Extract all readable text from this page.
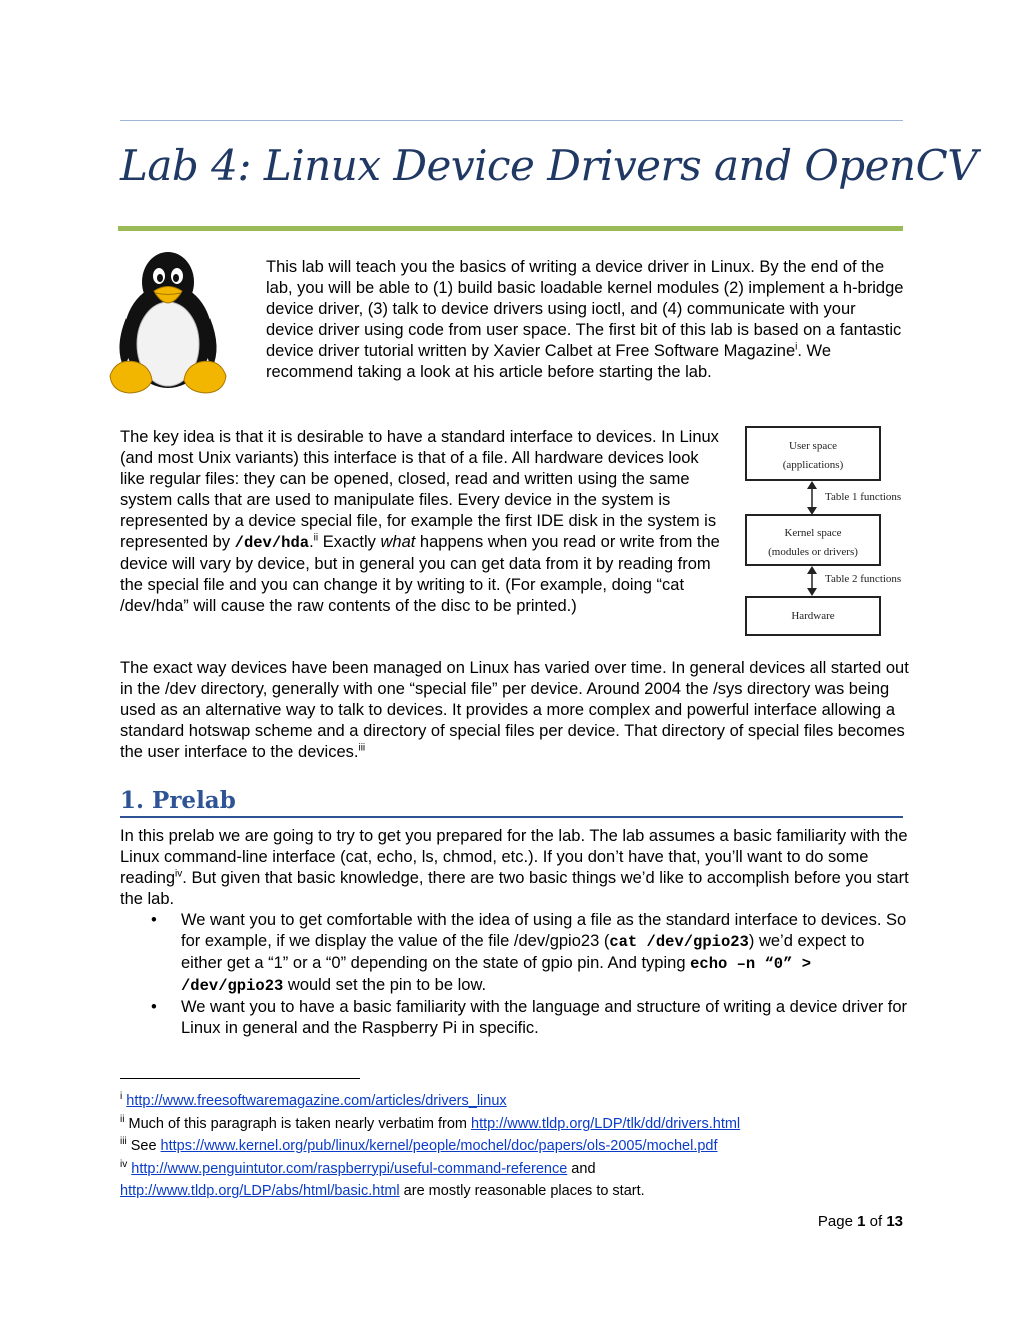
Lab 4: Linux Device Drivers and OpenCV

This lab will teach you the basics of writing a device driver in Linux. By the end of the lab, you will be able to (1) build basic loadable kernel modules (2) implement a h-bridge device driver, (3) talk to device drivers using ioctl, and (4) communicate with your device driver using code from user space. The first bit of this lab is based on a fantastic device driver tutorial written by Xavier Calbet at Free Software Magazine$^i$. We recommend taking a look at his article before starting the lab.

The key idea is that it is desirable to have a standard interface to devices. In Linux (and most Unix variants) this interface is that of a file. All hardware devices look like regular files: they can be opened, closed, read and written using the same system calls that are used to manipulate files. Every device in the system is represented by a device special file, for example the first IDE disk in the system is represented by /dev/hda.$^{ii}$ Exactly what happens when you read or write from the device will vary by device, but in general you can get data from it by reading from the special file and you can change it by writing to it. (For example, doing “cat /dev/hda” will cause the raw contents of the disc to be printed.)

User space
(applications)
Table 1 functions
Kernel space
(modules or drivers)
Table 2 functions
Hardware

The exact way devices have been managed on Linux has varied over time. In general devices all started out in the /dev directory, generally with one “special file” per device. Around 2004 the /sys directory was being used as an alternative way to talk to devices. It provides a more complex and powerful interface allowing a standard hotswap scheme and a directory of special files per device. That directory of special files becomes the user interface to the devices.$^{iii}$

1. Prelab

In this prelab we are going to try to get you prepared for the lab. The lab assumes a basic familiarity with the Linux command-line interface (cat, echo, ls, chmod, etc.). If you don’t have that, you’ll want to do some reading$^{iv}$. But given that basic knowledge, there are two basic things we’d like to accomplish before you start the lab.

• We want you to get comfortable with the idea of using a file as the standard interface to devices. So for example, if we display the value of the file /dev/gpio23 (cat /dev/gpio23) we’d expect to either get a “1” or a “0” depending on the state of gpio pin. And typing echo –n “0” > /dev/gpio23 would set the pin to be low.
• We want you to have a basic familiarity with the language and structure of writing a device driver for Linux in general and the Raspberry Pi in specific.
$^i$ http://www.freesoftwaremagazine.com/articles/drivers_linux
$^{ii}$ Much of this paragraph is taken nearly verbatim from http://www.tldp.org/LDP/tlk/dd/drivers.html
$^{iii}$ See https://www.kernel.org/pub/linux/kernel/people/mochel/doc/papers/ols-2005/mochel.pdf
$^{iv}$ http://www.penguintutor.com/raspberrypi/useful-command-reference and
http://www.tldp.org/LDP/abs/html/basic.html are mostly reasonable places to start.
Page 1 of 13
